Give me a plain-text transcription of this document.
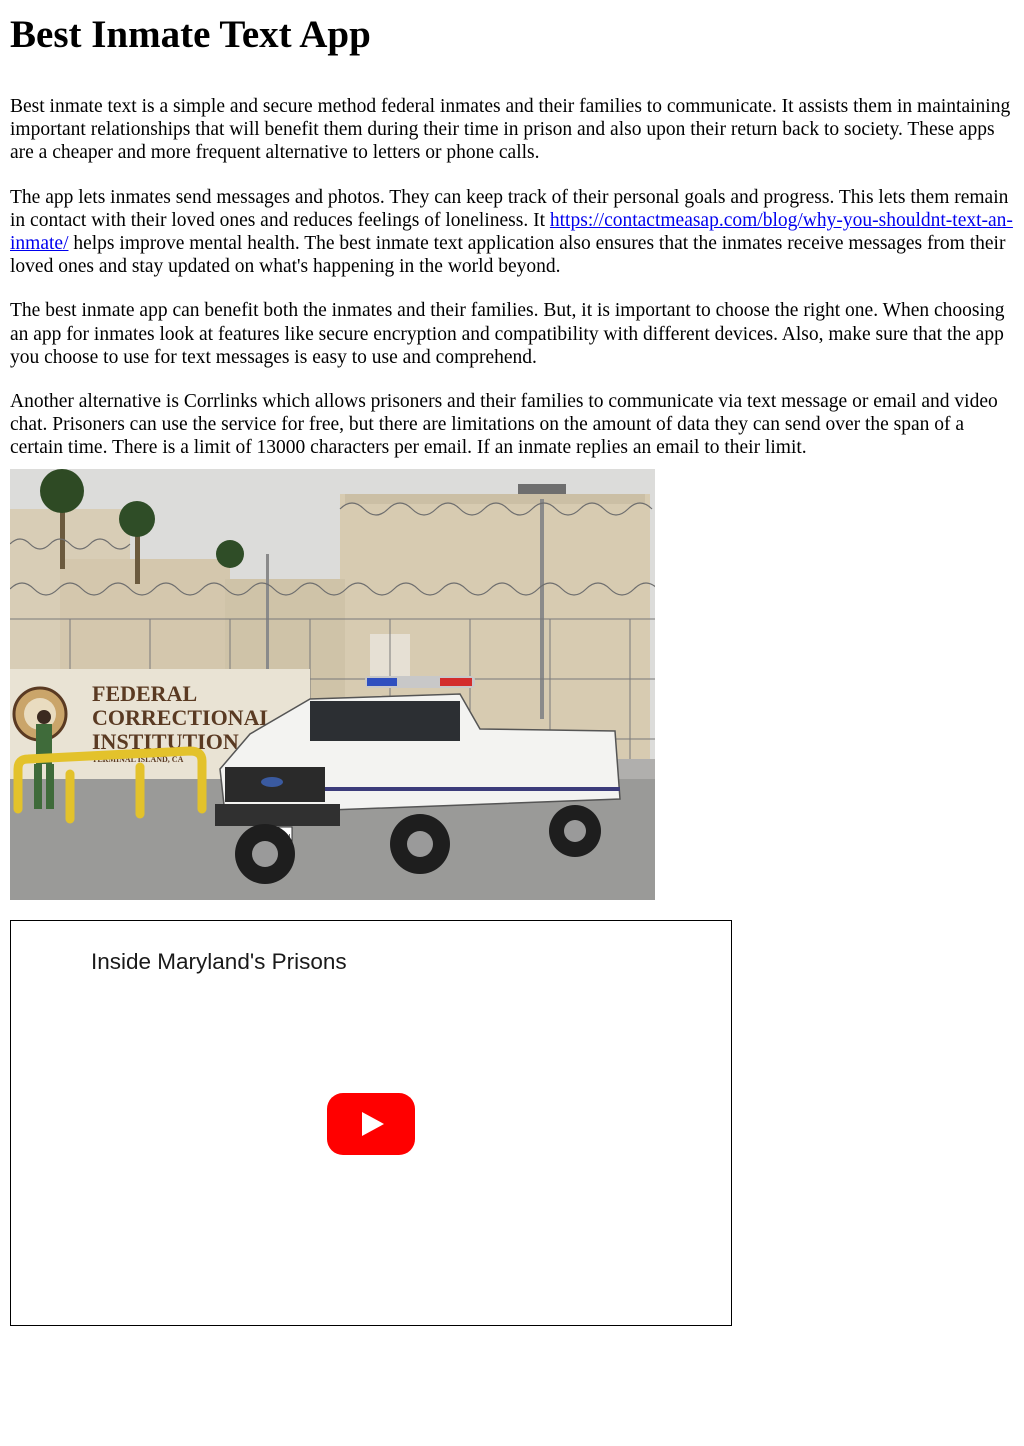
Best Inmate Text App

Best inmate text is a simple and secure method federal inmates and their families to communicate. It assists them in maintaining important relationships that will benefit them during their time in prison and also upon their return back to society. These apps are a cheaper and more frequent alternative to letters or phone calls.

The app lets inmates send messages and photos. They can keep track of their personal goals and progress. This lets them remain in contact with their loved ones and reduces feelings of loneliness. It https://contactmeasap.com/blog/why-you-shouldnt-text-an-inmate/ helps improve mental health. The best inmate text application also ensures that the inmates receive messages from their loved ones and stay updated on what's happening in the world beyond.

The best inmate app can benefit both the inmates and their families. But, it is important to choose the right one. When choosing an app for inmates look at features like secure encryption and compatibility with different devices. Also, make sure that the app you choose to use for text messages is easy to use and comprehend.

Another alternative is Corrlinks which allows prisoners and their families to communicate via text message or email and video chat. Prisoners can use the service for free, but there are limitations on the amount of data they can send over the span of a certain time. There is a limit of 13000 characters per email. If an inmate replies an email to their limit.

FEDERAL
CORRECTIONAL
INSTITUTION
TERMINAL ISLAND, CA
Inside Maryland's Prisons
